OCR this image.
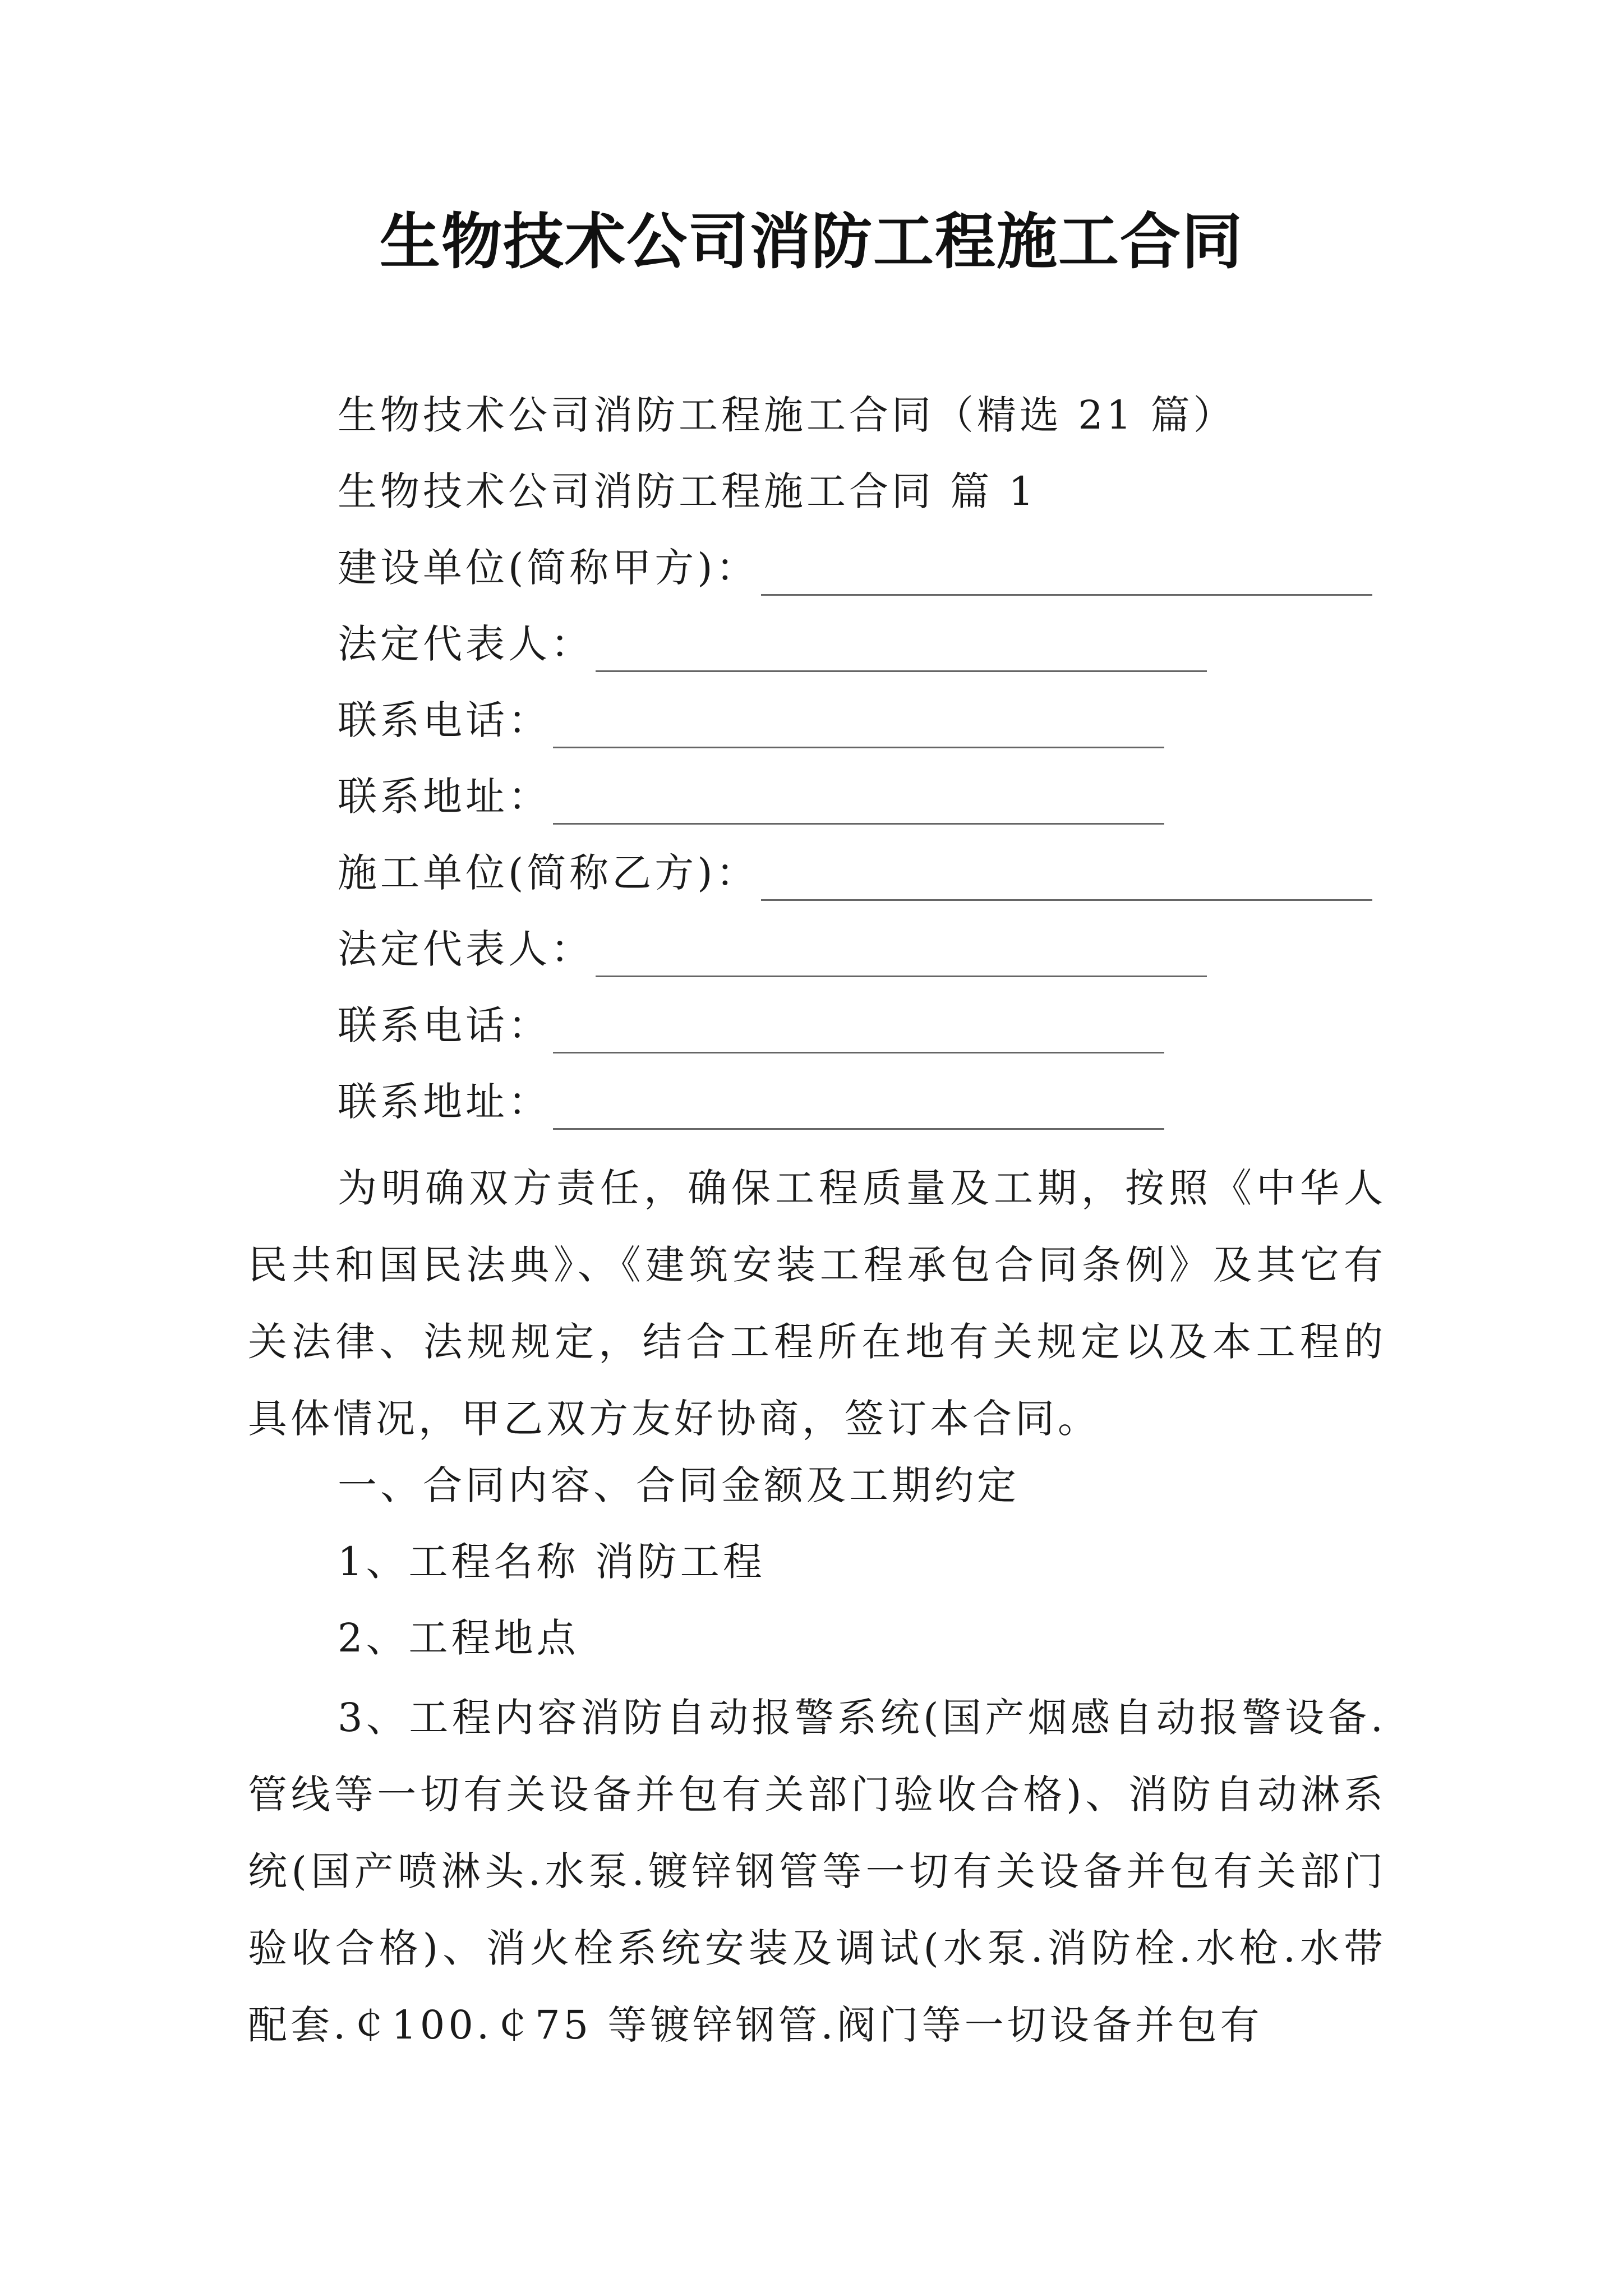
生物技术公司消防工程施工合同
生物技术公司消防工程施工合同（精选 21 篇）
生物技术公司消防工程施工合同 篇 1
建设单位(简称甲方)：
法定代表人：
联系电话：
联系地址：
施工单位(简称乙方)：
法定代表人：
联系电话：
联系地址：
为明确双方责任，确保工程质量及工期，按照《中华人民共和国民法典》、《建筑安装工程承包合同条例》及其它有关法律、法规规定，结合工程所在地有关规定以及本工程的具体情况，甲乙双方友好协商，签订本合同。
一、合同内容、合同金额及工期约定
1、工程名称 消防工程
2、工程地点
3、工程内容消防自动报警系统(国产烟感自动报警设备.管线等一切有关设备并包有关部门验收合格)、消防自动淋系统(国产喷淋头.水泵.镀锌钢管等一切有关设备并包有关部门验收合格)、消火栓系统安装及调试(水泵.消防栓.水枪.水带配套.￠100.￠75 等镀锌钢管.阀门等一切设备并包有
